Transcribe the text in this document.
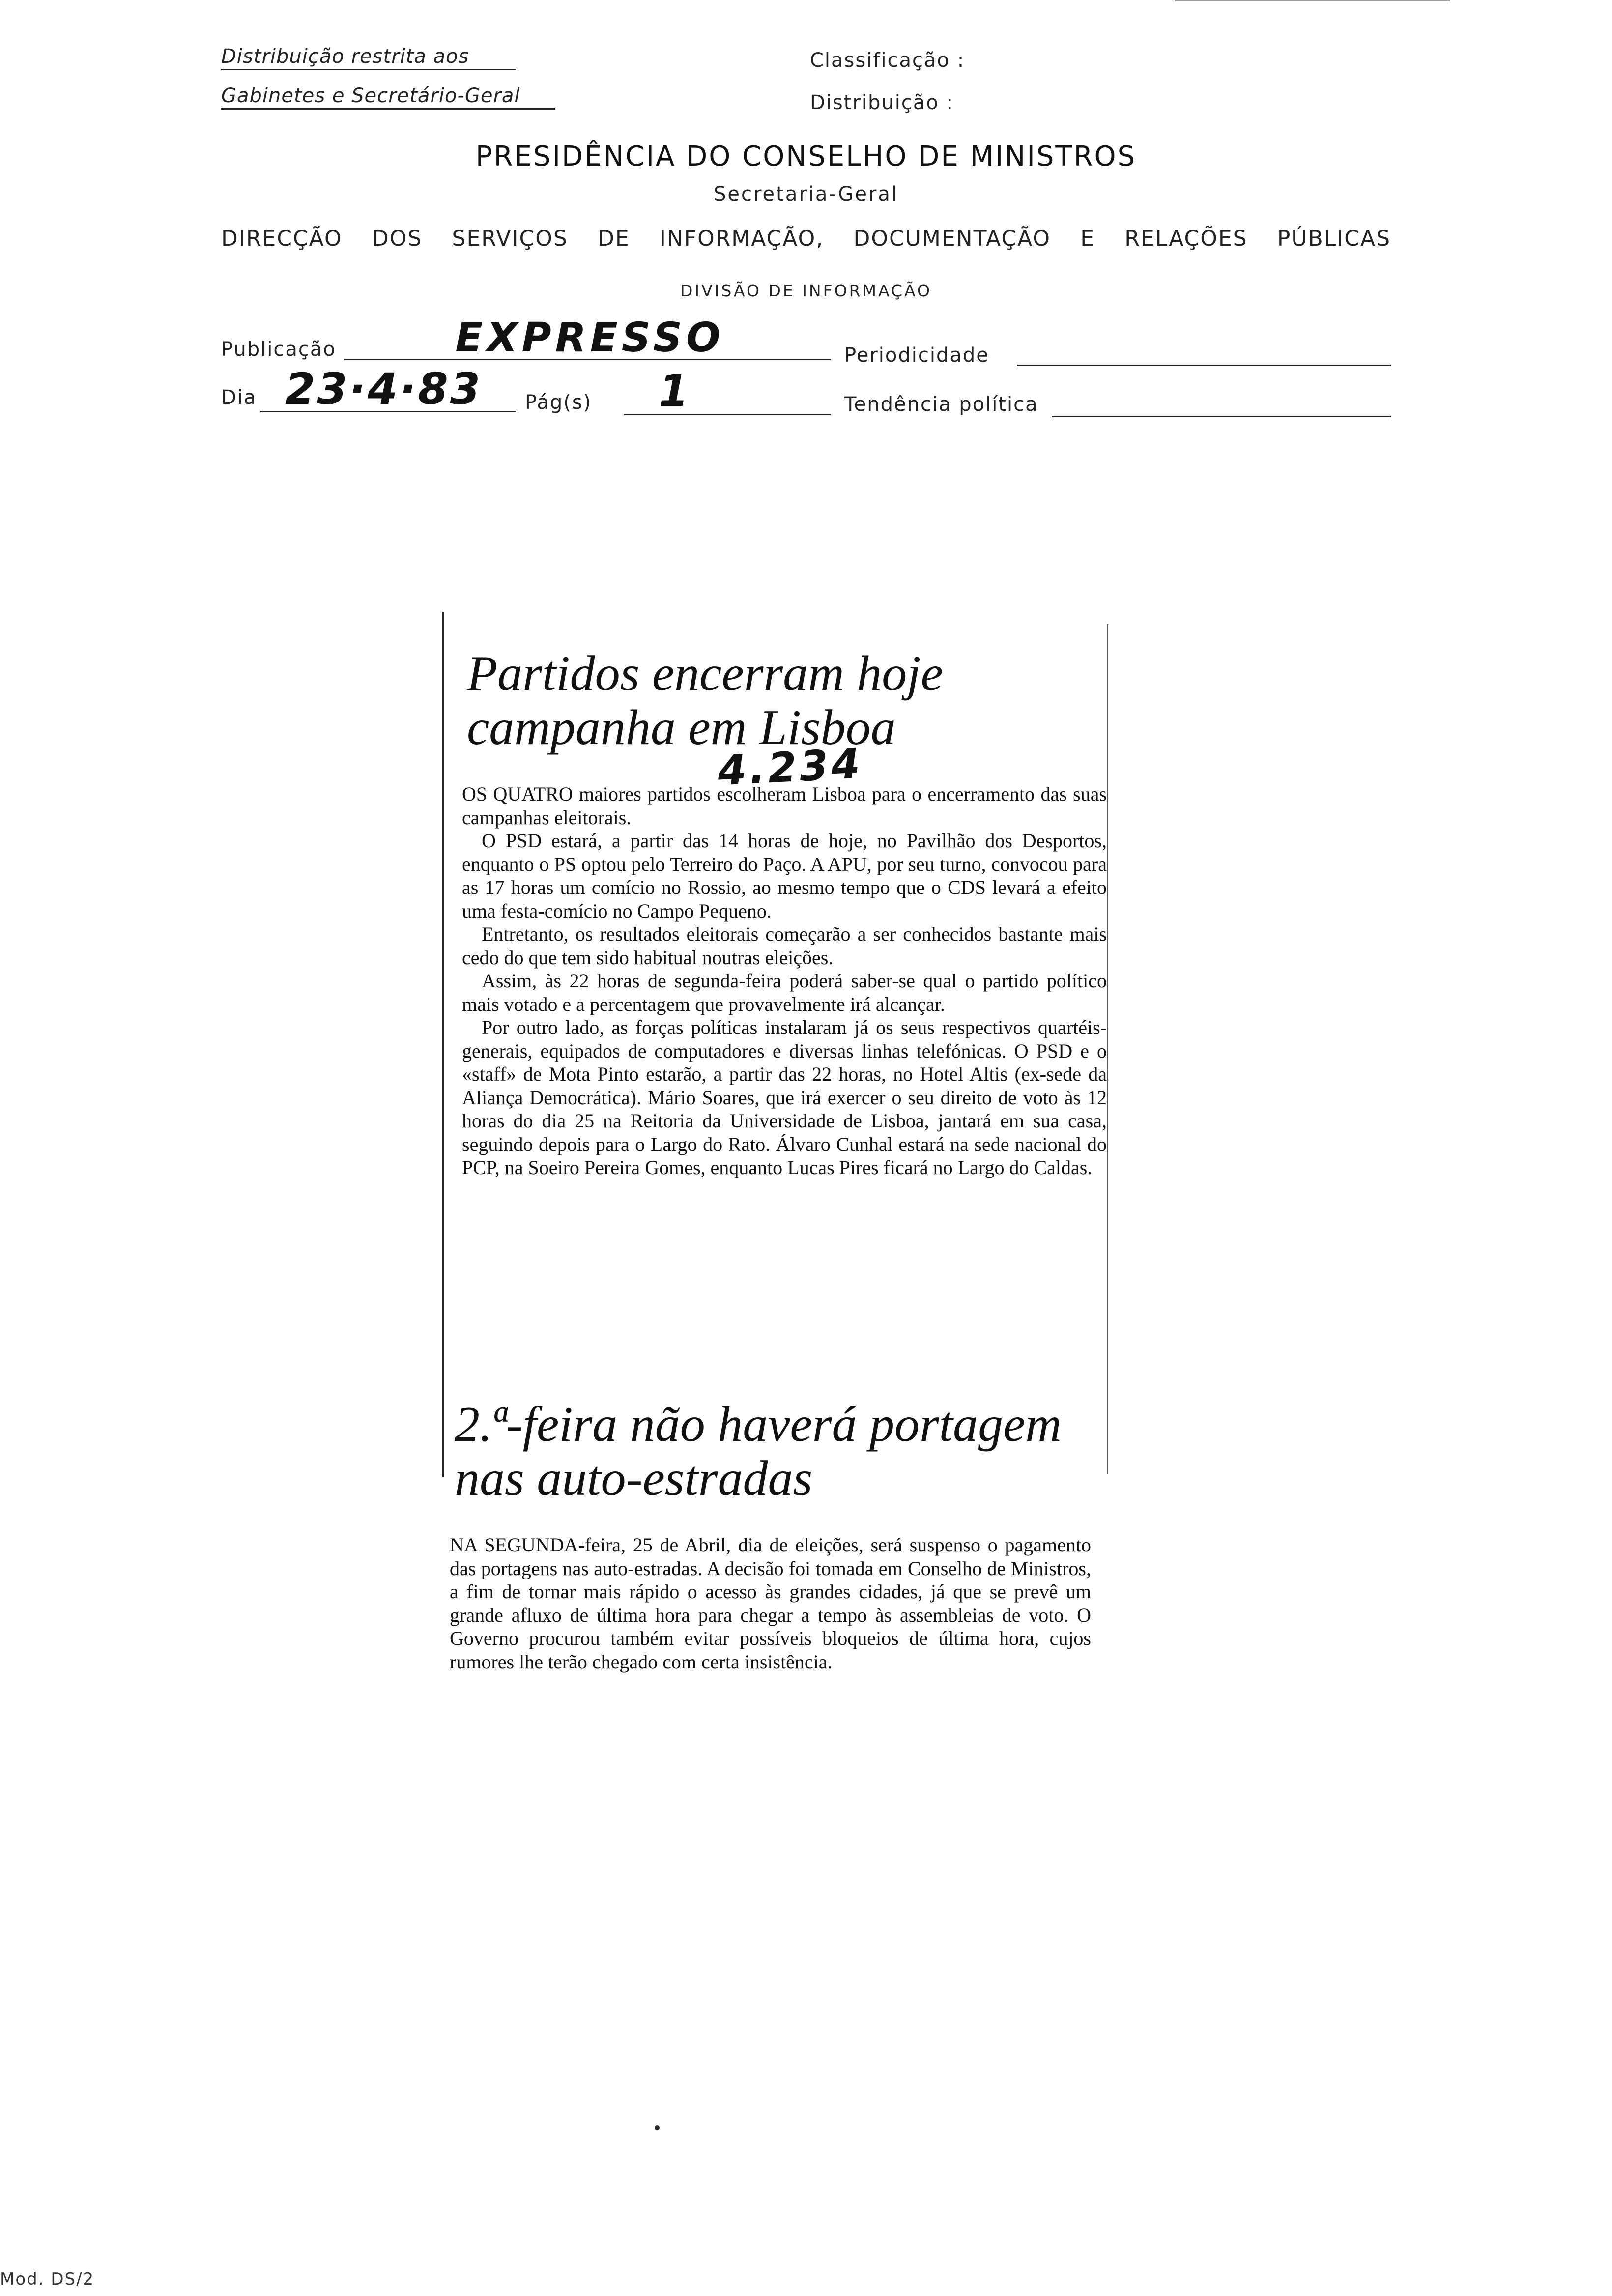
Distribuição restrita aos
Gabinetes e Secretário-Geral
Classificação :
Distribuição :
PRESIDÊNCIA DO CONSELHO DE MINISTROS
Secretaria-Geral
DIRECÇÃO DOS SERVIÇOS DE INFORMAÇÃO, DOCUMENTAÇÃO E RELAÇÕES PÚBLICAS
DIVISÃO DE INFORMAÇÃO
Publicação	EXPRESSO	Periodicidade
Dia 23·4·83 Pág(s) 1	Tendência política
Partidos encerram hoje
campanha em Lisboa
4.234

OS QUATRO maiores partidos escolheram Lisboa para o encerramento das suas campanhas eleitorais.

O PSD estará, a partir das 14 horas de hoje, no Pavilhão dos Desportos, enquanto o PS optou pelo Terreiro do Paço. A APU, por seu turno, convocou para as 17 horas um comício no Rossio, ao mesmo tempo que o CDS levará a efeito uma festa-comício no Campo Pequeno.

Entretanto, os resultados eleitorais começarão a ser conhecidos bastante mais cedo do que tem sido habitual noutras eleições.

Assim, às 22 horas de segunda-feira poderá saber-se qual o partido político mais votado e a percentagem que provavelmente irá alcançar.

Por outro lado, as forças políticas instalaram já os seus respectivos quartéis-generais, equipados de computadores e diversas linhas telefónicas. O PSD e o «staff» de Mota Pinto estarão, a partir das 22 horas, no Hotel Altis (ex-sede da Aliança Democrática). Mário Soares, que irá exercer o seu direito de voto às 12 horas do dia 25 na Reitoria da Universidade de Lisboa, jantará em sua casa, seguindo depois para o Largo do Rato. Álvaro Cunhal estará na sede nacional do PCP, na Soeiro Pereira Gomes, enquanto Lucas Pires ficará no Largo do Caldas.

2.ª-feira não haverá portagem
nas auto-estradas

NA SEGUNDA-feira, 25 de Abril, dia de eleições, será suspenso o pagamento das portagens nas auto-estradas. A decisão foi tomada em Conselho de Ministros, a fim de tornar mais rápido o acesso às grandes cidades, já que se prevê um grande afluxo de última hora para chegar a tempo às assembleias de voto. O Governo procurou também evitar possíveis bloqueios de última hora, cujos rumores lhe terão chegado com certa insistência.

Mod. DS/2
